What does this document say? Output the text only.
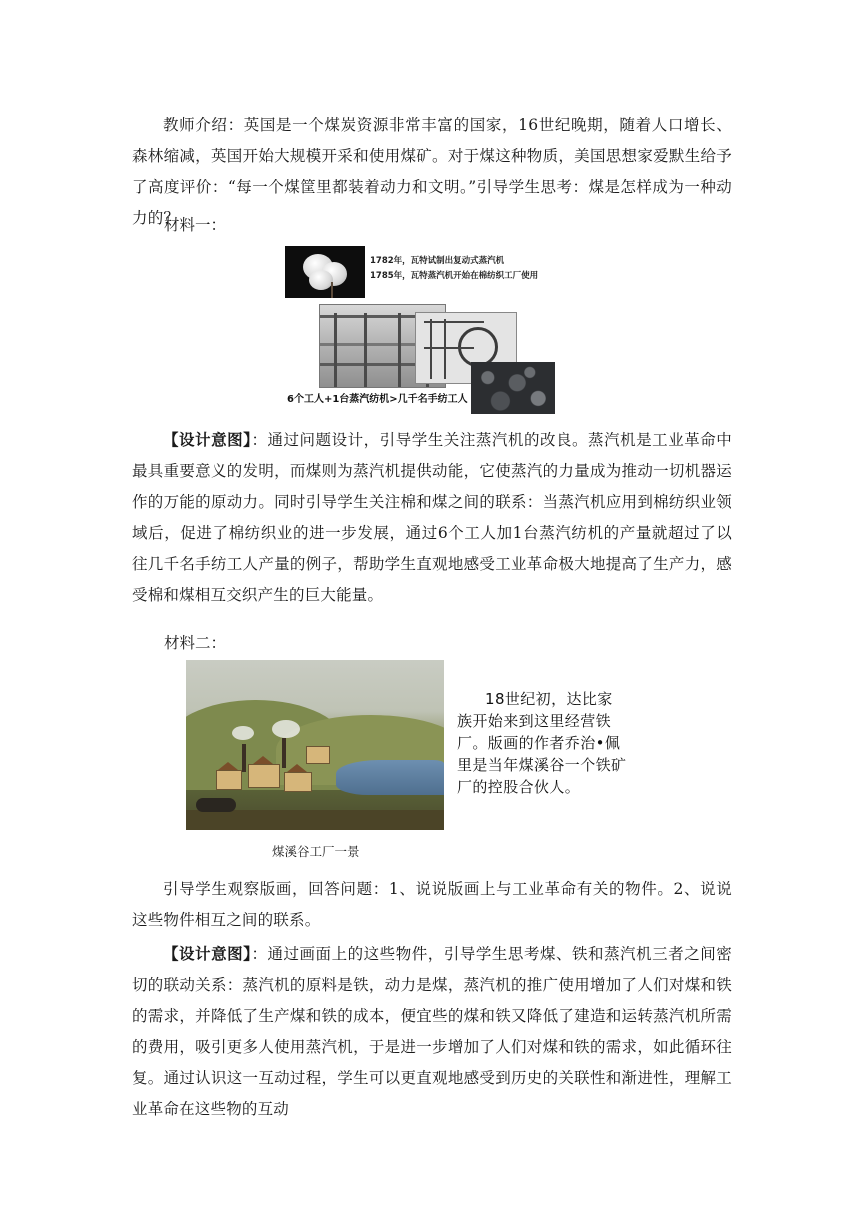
教师介绍：英国是一个煤炭资源非常丰富的国家，16世纪晚期，随着人口增长、森林缩减，英国开始大规模开采和使用煤矿。对于煤这种物质，美国思想家爱默生给予了高度评价：“每一个煤筐里都装着动力和文明。”引导学生思考：煤是怎样成为一种动力的？

材料一：

1782年，瓦特试制出复动式蒸汽机
1785年，瓦特蒸汽机开始在棉纺织工厂使用
6个工人+1台蒸汽纺机>几千名手纺工人

【设计意图】：通过问题设计，引导学生关注蒸汽机的改良。蒸汽机是工业革命中最具重要意义的发明，而煤则为蒸汽机提供动能，它使蒸汽的力量成为推动一切机器运作的万能的原动力。同时引导学生关注棉和煤之间的联系：当蒸汽机应用到棉纺织业领域后，促进了棉纺织业的进一步发展，通过6个工人加1台蒸汽纺机的产量就超过了以往几千名手纺工人产量的例子，帮助学生直观地感受工业革命极大地提高了生产力，感受棉和煤相互交织产生的巨大能量。

材料二：

18世纪初，达比家族开始来到这里经营铁厂。版画的作者乔治•佩里是当年煤溪谷一个铁矿厂的控股合伙人。

煤溪谷工厂一景

引导学生观察版画，回答问题：1、说说版画上与工业革命有关的物件。2、说说这些物件相互之间的联系。

【设计意图】：通过画面上的这些物件，引导学生思考煤、铁和蒸汽机三者之间密切的联动关系：蒸汽机的原料是铁，动力是煤，蒸汽机的推广使用增加了人们对煤和铁的需求，并降低了生产煤和铁的成本，便宜些的煤和铁又降低了建造和运转蒸汽机所需的费用，吸引更多人使用蒸汽机，于是进一步增加了人们对煤和铁的需求，如此循环往复。通过认识这一互动过程，学生可以更直观地感受到历史的关联性和渐进性，理解工业革命在这些物的互动
